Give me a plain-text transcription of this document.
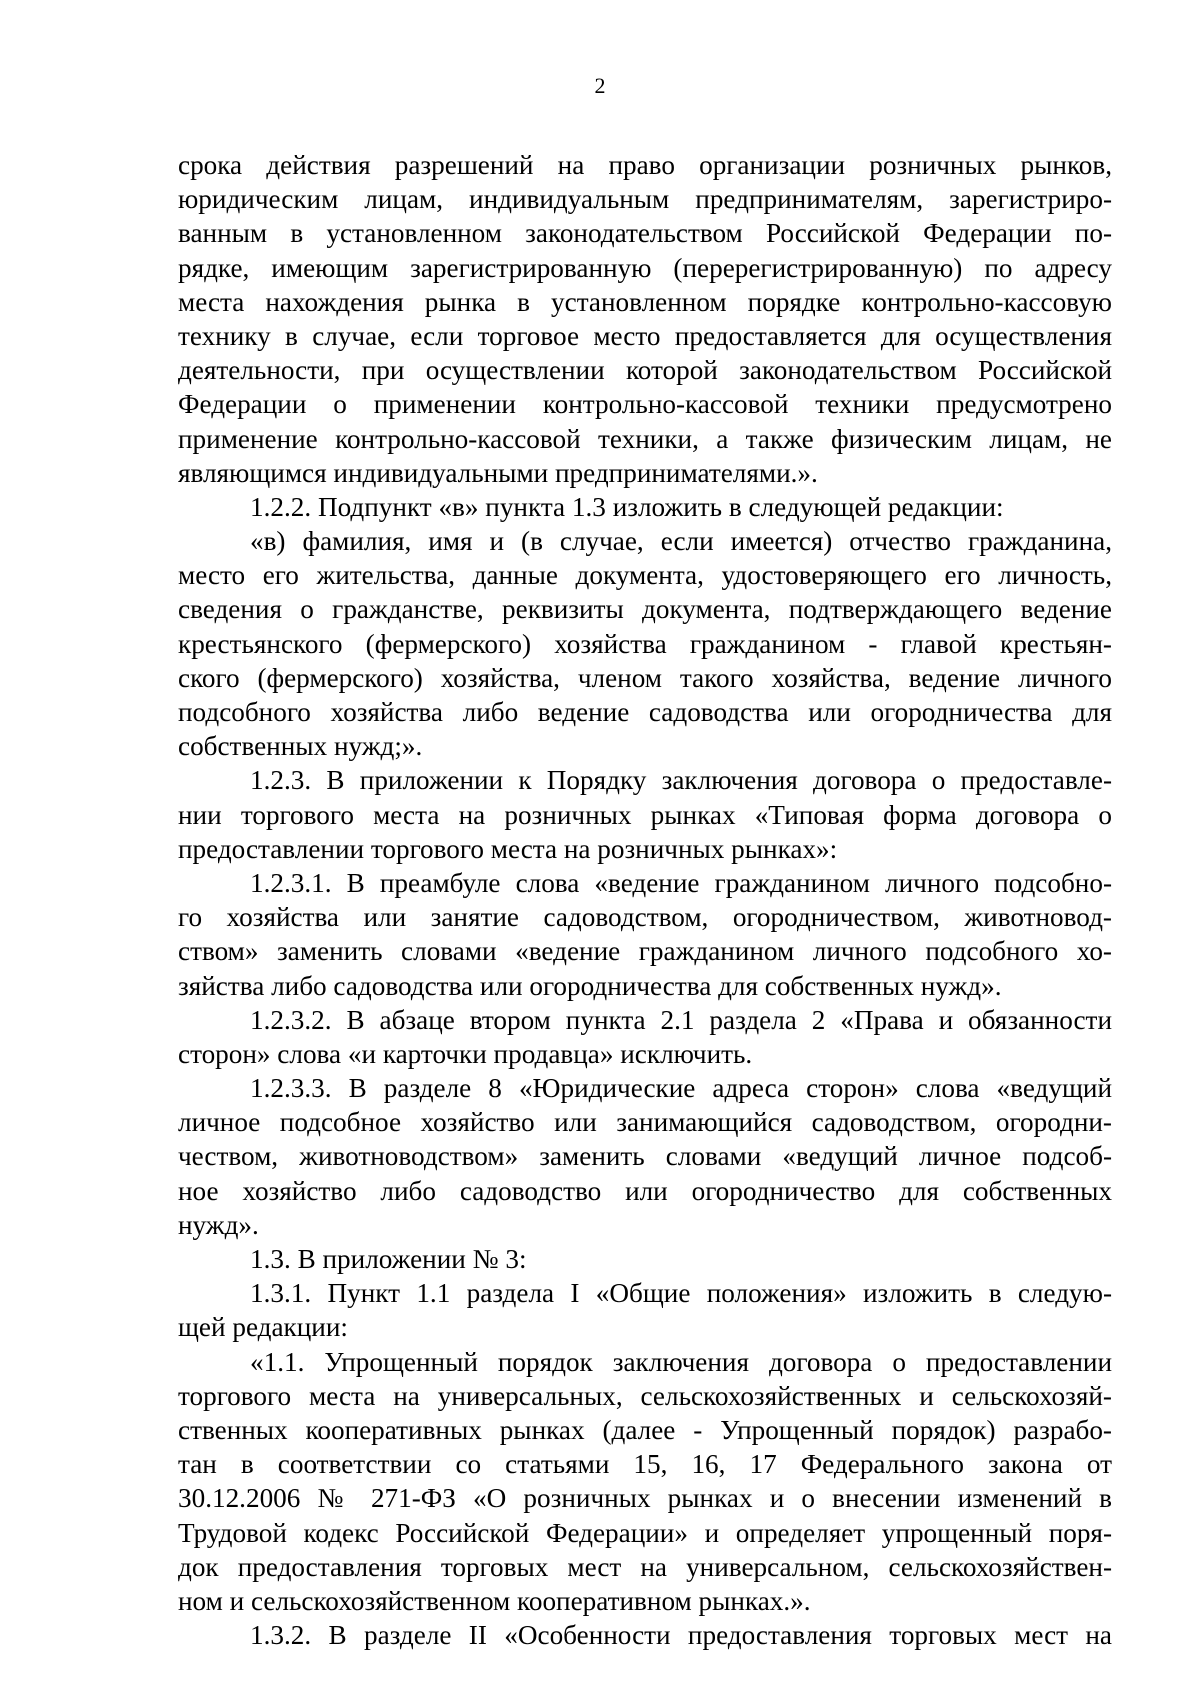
2
срока действия разрешений на право организации розничных рынков,
юридическим лицам, индивидуальным предпринимателям, зарегистриро-
ванным в установленном законодательством Российской Федерации по-
рядке, имеющим зарегистрированную (перерегистрированную) по адресу
места нахождения рынка в установленном порядке контрольно-кассовую
технику в случае, если торговое место предоставляется для осуществления
деятельности, при осуществлении которой законодательством Российской
Федерации о применении контрольно-кассовой техники предусмотрено
применение контрольно-кассовой техники, а также физическим лицам, не
являющимся индивидуальными предпринимателями.».
1.2.2. Подпункт «в» пункта 1.3 изложить в следующей редакции:
«в) фамилия, имя и (в случае, если имеется) отчество гражданина,
место его жительства, данные документа, удостоверяющего его личность,
сведения о гражданстве, реквизиты документа, подтверждающего ведение
крестьянского (фермерского) хозяйства гражданином - главой крестьян-
ского (фермерского) хозяйства, членом такого хозяйства, ведение личного
подсобного хозяйства либо ведение садоводства или огородничества для
собственных нужд;».
1.2.3. В приложении к Порядку заключения договора о предоставле-
нии торгового места на розничных рынках «Типовая форма договора о
предоставлении торгового места на розничных рынках»:
1.2.3.1. В преамбуле слова «ведение гражданином личного подсобно-
го хозяйства или занятие садоводством, огородничеством, животновод-
ством» заменить словами «ведение гражданином личного подсобного хо-
зяйства либо садоводства или огородничества для собственных нужд».
1.2.3.2. В абзаце втором пункта 2.1 раздела 2 «Права и обязанности
сторон» слова «и карточки продавца» исключить.
1.2.3.3. В разделе 8 «Юридические адреса сторон» слова «ведущий
личное подсобное хозяйство или занимающийся садоводством, огородни-
чеством, животноводством» заменить словами «ведущий личное подсоб-
ное хозяйство либо садоводство или огородничество для собственных
нужд».
1.3. В приложении № 3:
1.3.1. Пункт 1.1 раздела I «Общие положения» изложить в следую-
щей редакции:
«1.1. Упрощенный порядок заключения договора о предоставлении
торгового места на универсальных, сельскохозяйственных и сельскохозяй-
ственных кооперативных рынках (далее - Упрощенный порядок) разрабо-
тан в соответствии со статьями 15, 16, 17 Федерального закона от
30.12.2006 № 271-ФЗ «О розничных рынках и о внесении изменений в
Трудовой кодекс Российской Федерации» и определяет упрощенный поря-
док предоставления торговых мест на универсальном, сельскохозяйствен-
ном и сельскохозяйственном кооперативном рынках.».
1.3.2. В разделе II «Особенности предоставления торговых мест на
